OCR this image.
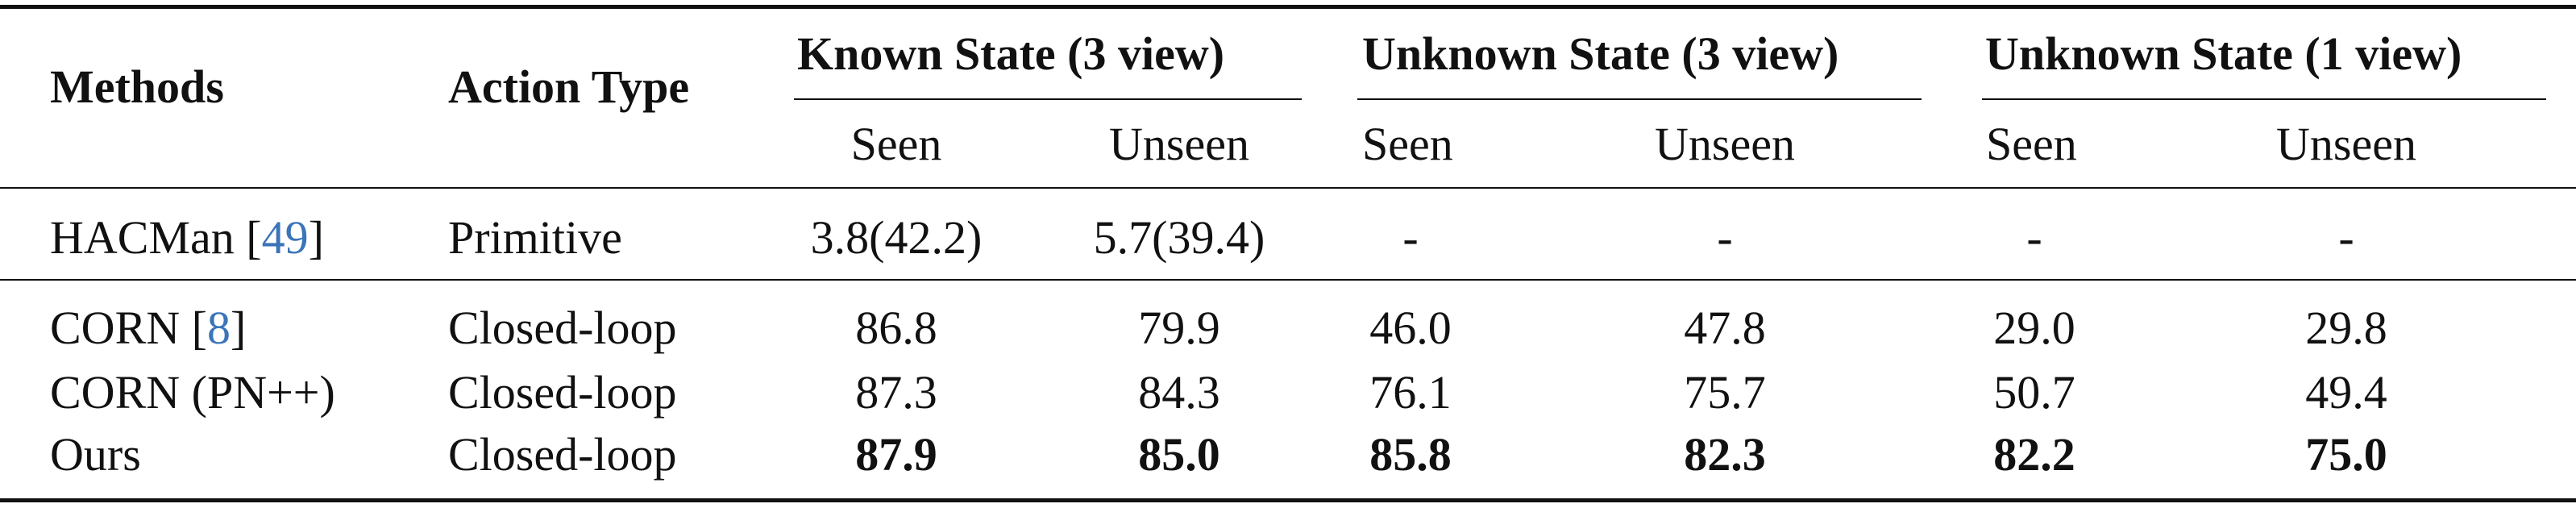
Methods	Action Type
Known State (3 view)	Unknown State (3 view)	Unknown State (1 view)
Seen	Unseen Seen	Unseen	Seen	Unseen
HACMan [49]	Primitive	3.8(42.2) 5.7(39.4)	-	-	-	-
CORN [8]	Closed-loop	86.8	79.9	46.0	47.8	29.0	29.8
CORN (PN++) Closed-loop	87.3	84.3	76.1	75.7	50.7	49.4
Ours	Closed-loop	87.9	85.0	85.8	82.3	82.2	75.0
